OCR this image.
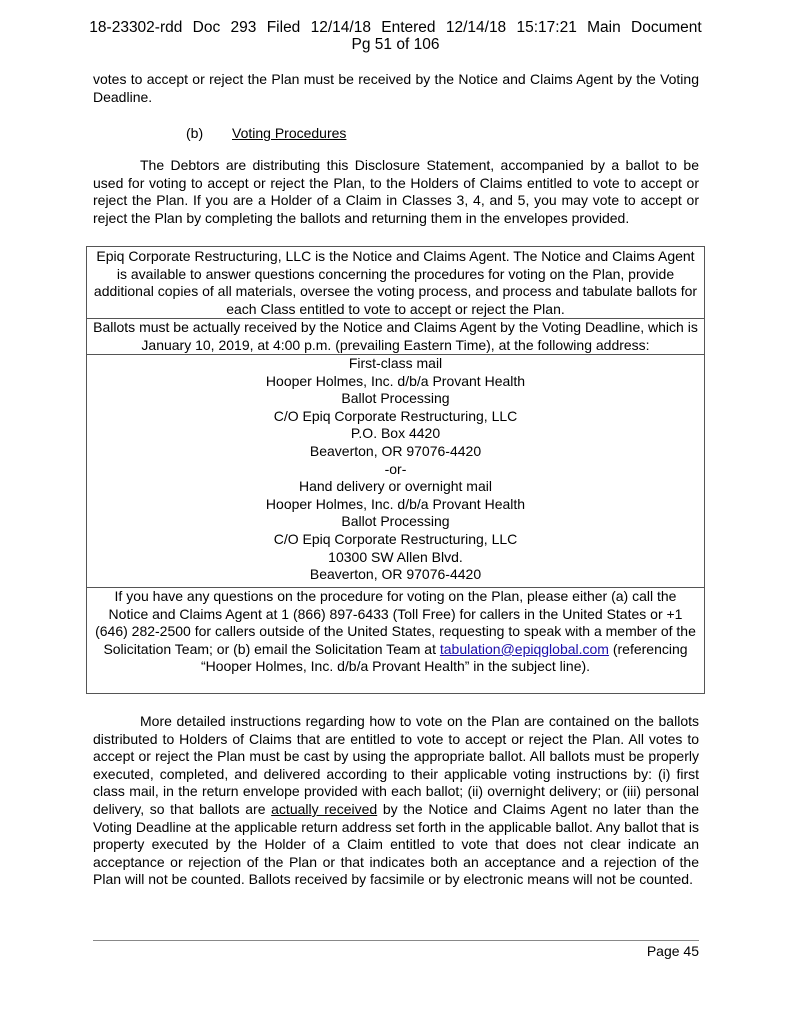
18-23302-rdd Doc 293 Filed 12/14/18 Entered 12/14/18 15:17:21 Main Document
Pg 51 of 106
votes to accept or reject the Plan must be received by the Notice and Claims Agent by the Voting Deadline.
(b) Voting Procedures
The Debtors are distributing this Disclosure Statement, accompanied by a ballot to be used for voting to accept or reject the Plan, to the Holders of Claims entitled to vote to accept or reject the Plan. If you are a Holder of a Claim in Classes 3, 4, and 5, you may vote to accept or reject the Plan by completing the ballots and returning them in the envelopes provided.
Epiq Corporate Restructuring, LLC is the Notice and Claims Agent. The Notice and Claims Agent is available to answer questions concerning the procedures for voting on the Plan, provide additional copies of all materials, oversee the voting process, and process and tabulate ballots for each Class entitled to vote to accept or reject the Plan.
Ballots must be actually received by the Notice and Claims Agent by the Voting Deadline, which is January 10, 2019, at 4:00 p.m. (prevailing Eastern Time), at the following address:
First-class mail
Hooper Holmes, Inc. d/b/a Provant Health
Ballot Processing
C/O Epiq Corporate Restructuring, LLC
P.O. Box 4420
Beaverton, OR 97076-4420
-or-
Hand delivery or overnight mail
Hooper Holmes, Inc. d/b/a Provant Health
Ballot Processing
C/O Epiq Corporate Restructuring, LLC
10300 SW Allen Blvd.
Beaverton, OR 97076-4420
If you have any questions on the procedure for voting on the Plan, please either (a) call the Notice and Claims Agent at 1 (866) 897-6433 (Toll Free) for callers in the United States or +1 (646) 282-2500 for callers outside of the United States, requesting to speak with a member of the Solicitation Team; or (b) email the Solicitation Team at tabulation@epiqglobal.com (referencing “Hooper Holmes, Inc. d/b/a Provant Health” in the subject line).
More detailed instructions regarding how to vote on the Plan are contained on the ballots distributed to Holders of Claims that are entitled to vote to accept or reject the Plan. All votes to accept or reject the Plan must be cast by using the appropriate ballot. All ballots must be properly executed, completed, and delivered according to their applicable voting instructions by: (i) first class mail, in the return envelope provided with each ballot; (ii) overnight delivery; or (iii) personal delivery, so that ballots are actually received by the Notice and Claims Agent no later than the Voting Deadline at the applicable return address set forth in the applicable ballot. Any ballot that is property executed by the Holder of a Claim entitled to vote that does not clear indicate an acceptance or rejection of the Plan or that indicates both an acceptance and a rejection of the Plan will not be counted. Ballots received by facsimile or by electronic means will not be counted.
Page 45
